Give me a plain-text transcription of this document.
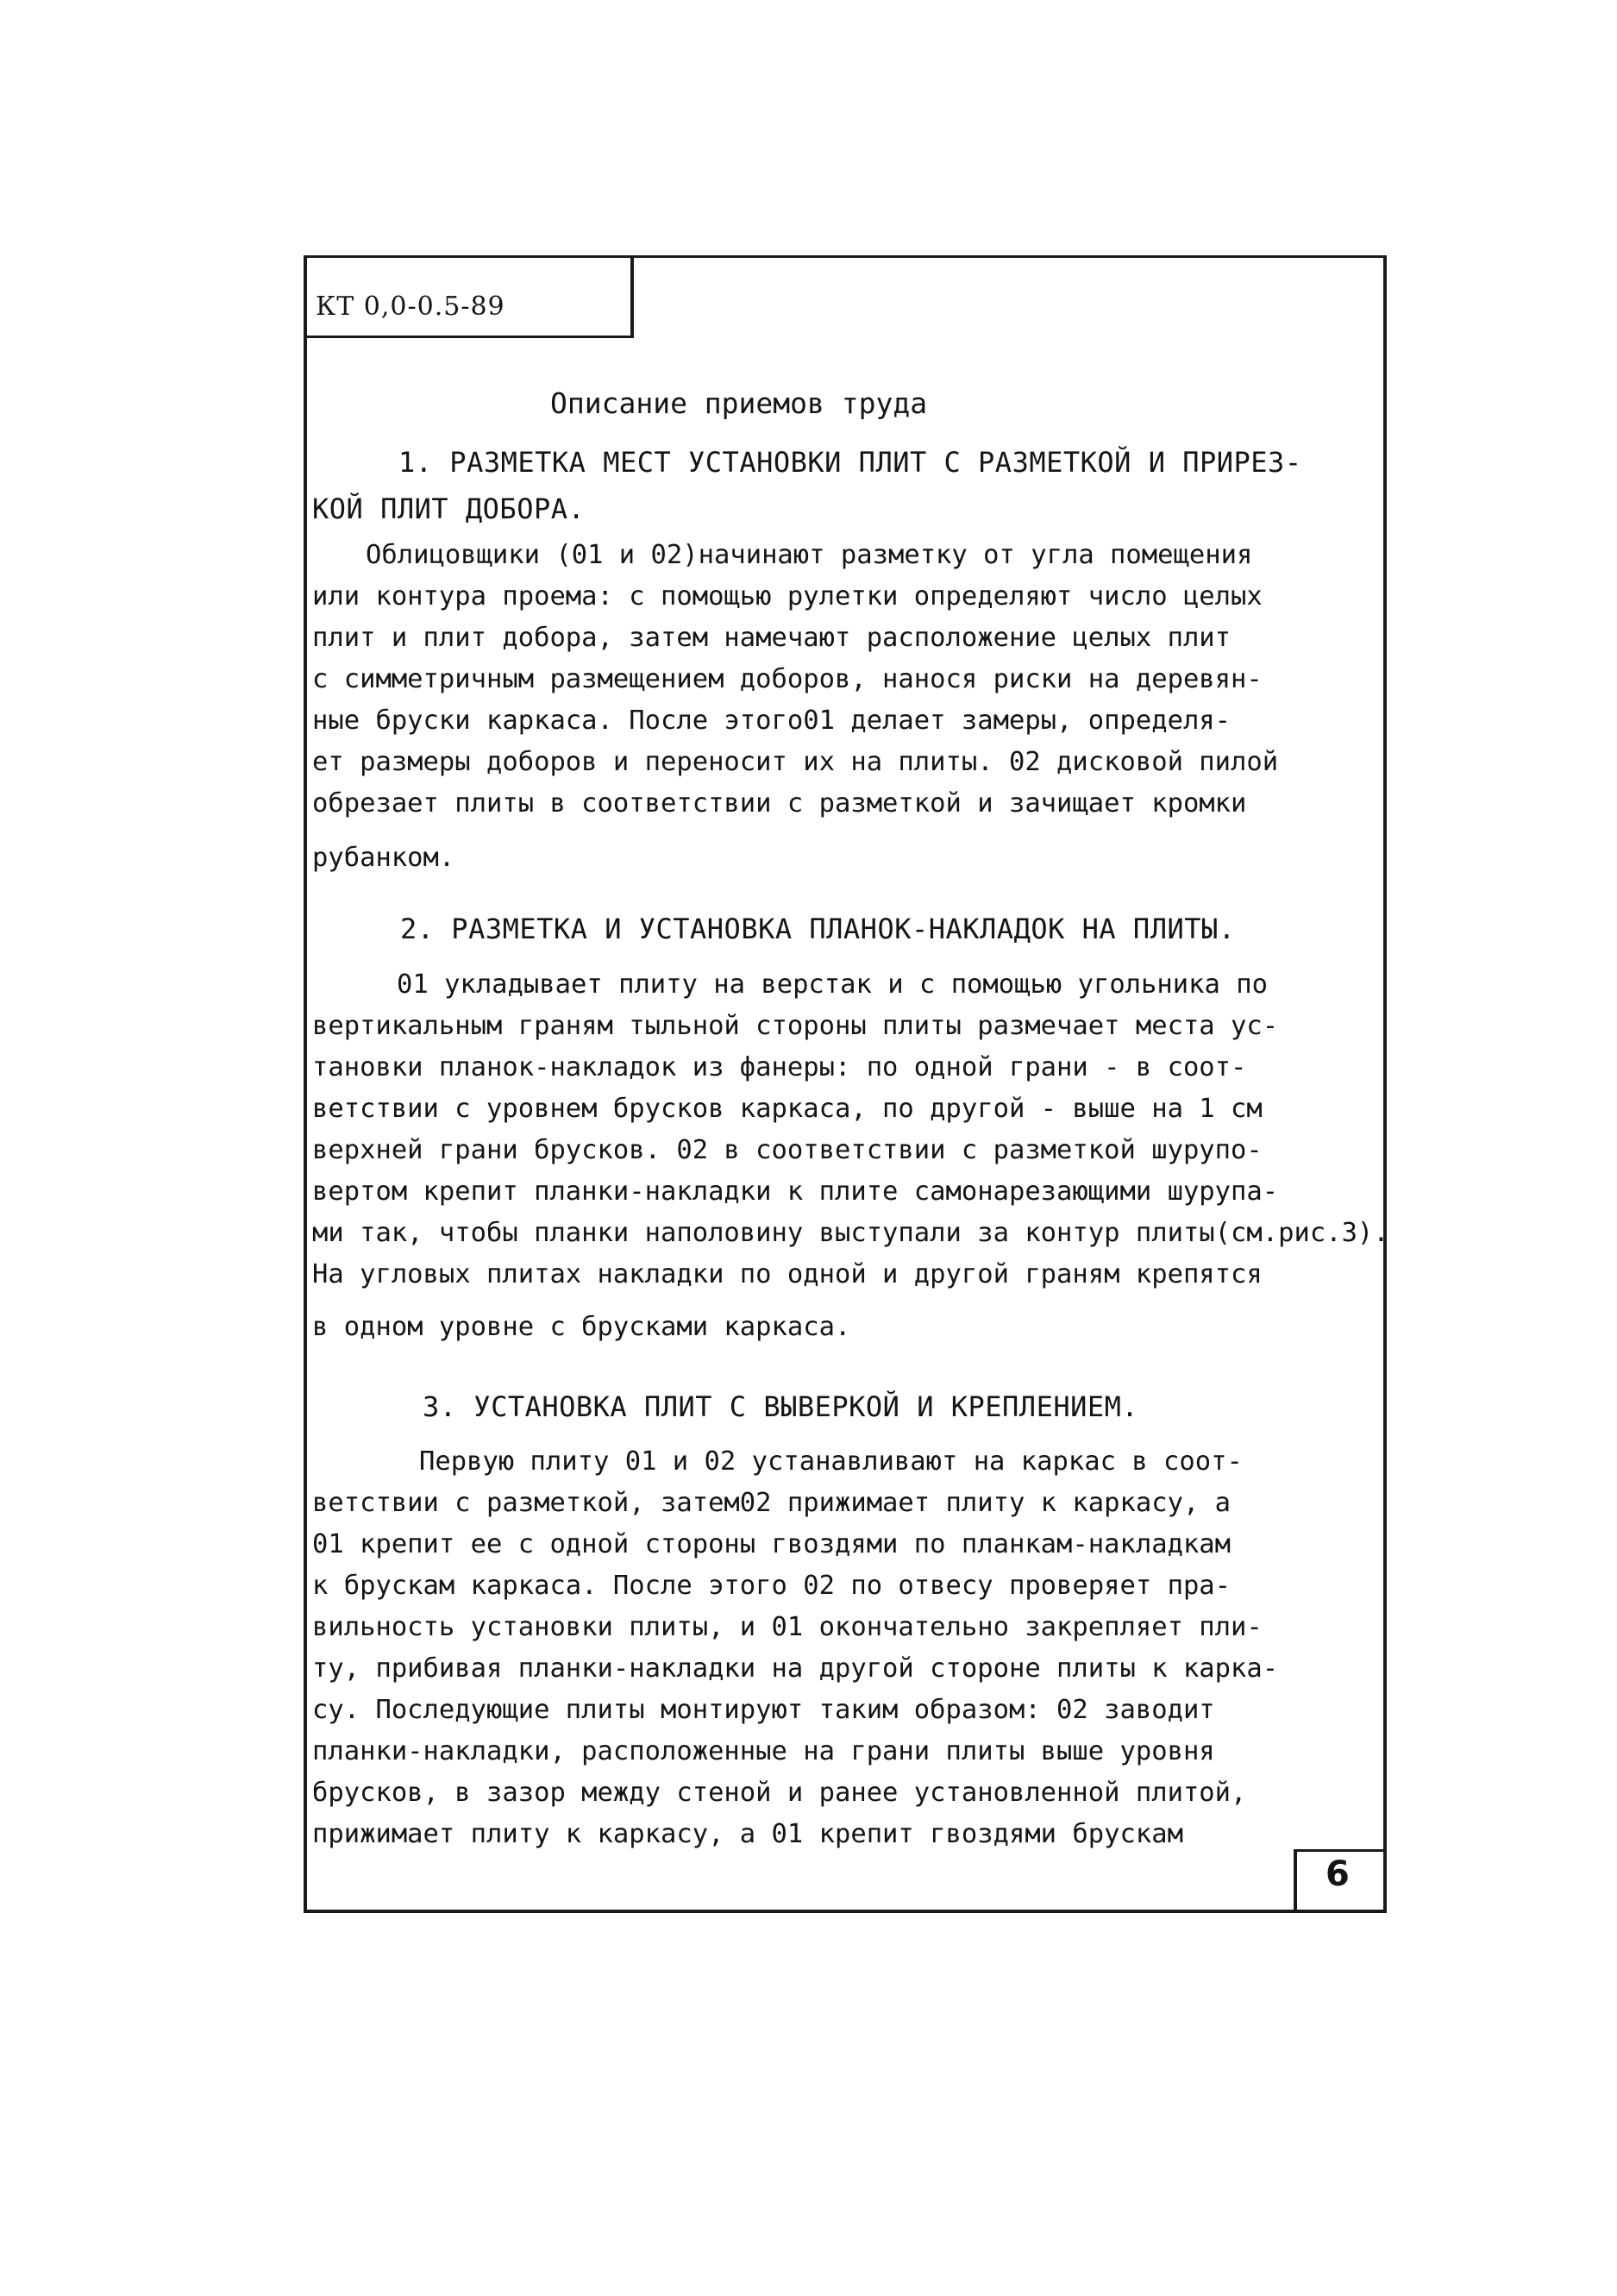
КТ 0,0-0.5-89
6
Описание приемов труда
1. РАЗМЕТКА МЕСТ УСТАНОВКИ ПЛИТ С РАЗМЕТКОЙ И ПРИРЕЗ-
КОЙ ПЛИТ ДОБОРА.
Облицовщики (01 и 02)начинают разметку от угла помещения
или контура проема: с помощью рулетки определяют число целых
плит и плит добора, затем намечают расположение целых плит
с симметричным размещением доборов, нанося риски на деревян-
ные бруски каркаса. После этого01 делает замеры, определя-
ет размеры доборов и переносит их на плиты. 02 дисковой пилой
обрезает плиты в соответствии с разметкой и зачищает кромки
рубанком.
2. РАЗМЕТКА И УСТАНОВКА ПЛАНОК-НАКЛАДОК НА ПЛИТЫ.
01 укладывает плиту на верстак и с помощью угольника по
вертикальным граням тыльной стороны плиты размечает места ус-
тановки планок-накладок из фанеры: по одной грани - в соот-
ветствии с уровнем брусков каркаса, по другой - выше на 1 см
верхней грани брусков. 02 в соответствии с разметкой шурупо-
вертом крепит планки-накладки к плите самонарезающими шурупа-
ми так, чтобы планки наполовину выступали за контур плиты(см.рис.3).
На угловых плитах накладки по одной и другой граням крепятся
в одном уровне с брусками каркаса.
3. УСТАНОВКА ПЛИТ С ВЫВЕРКОЙ И КРЕПЛЕНИЕМ.
Первую плиту 01 и 02 устанавливают на каркас в соот-
ветствии с разметкой, затем02 прижимает плиту к каркасу, а
01 крепит ее с одной стороны гвоздями по планкам-накладкам
к брускам каркаса. После этого 02 по отвесу проверяет пра-
вильность установки плиты, и 01 окончательно закрепляет пли-
ту, прибивая планки-накладки на другой стороне плиты к карка-
су. Последующие плиты монтируют таким образом: 02 заводит
планки-накладки, расположенные на грани плиты выше уровня
брусков, в зазор между стеной и ранее установленной плитой,
прижимает плиту к каркасу, а 01 крепит гвоздями брускам
